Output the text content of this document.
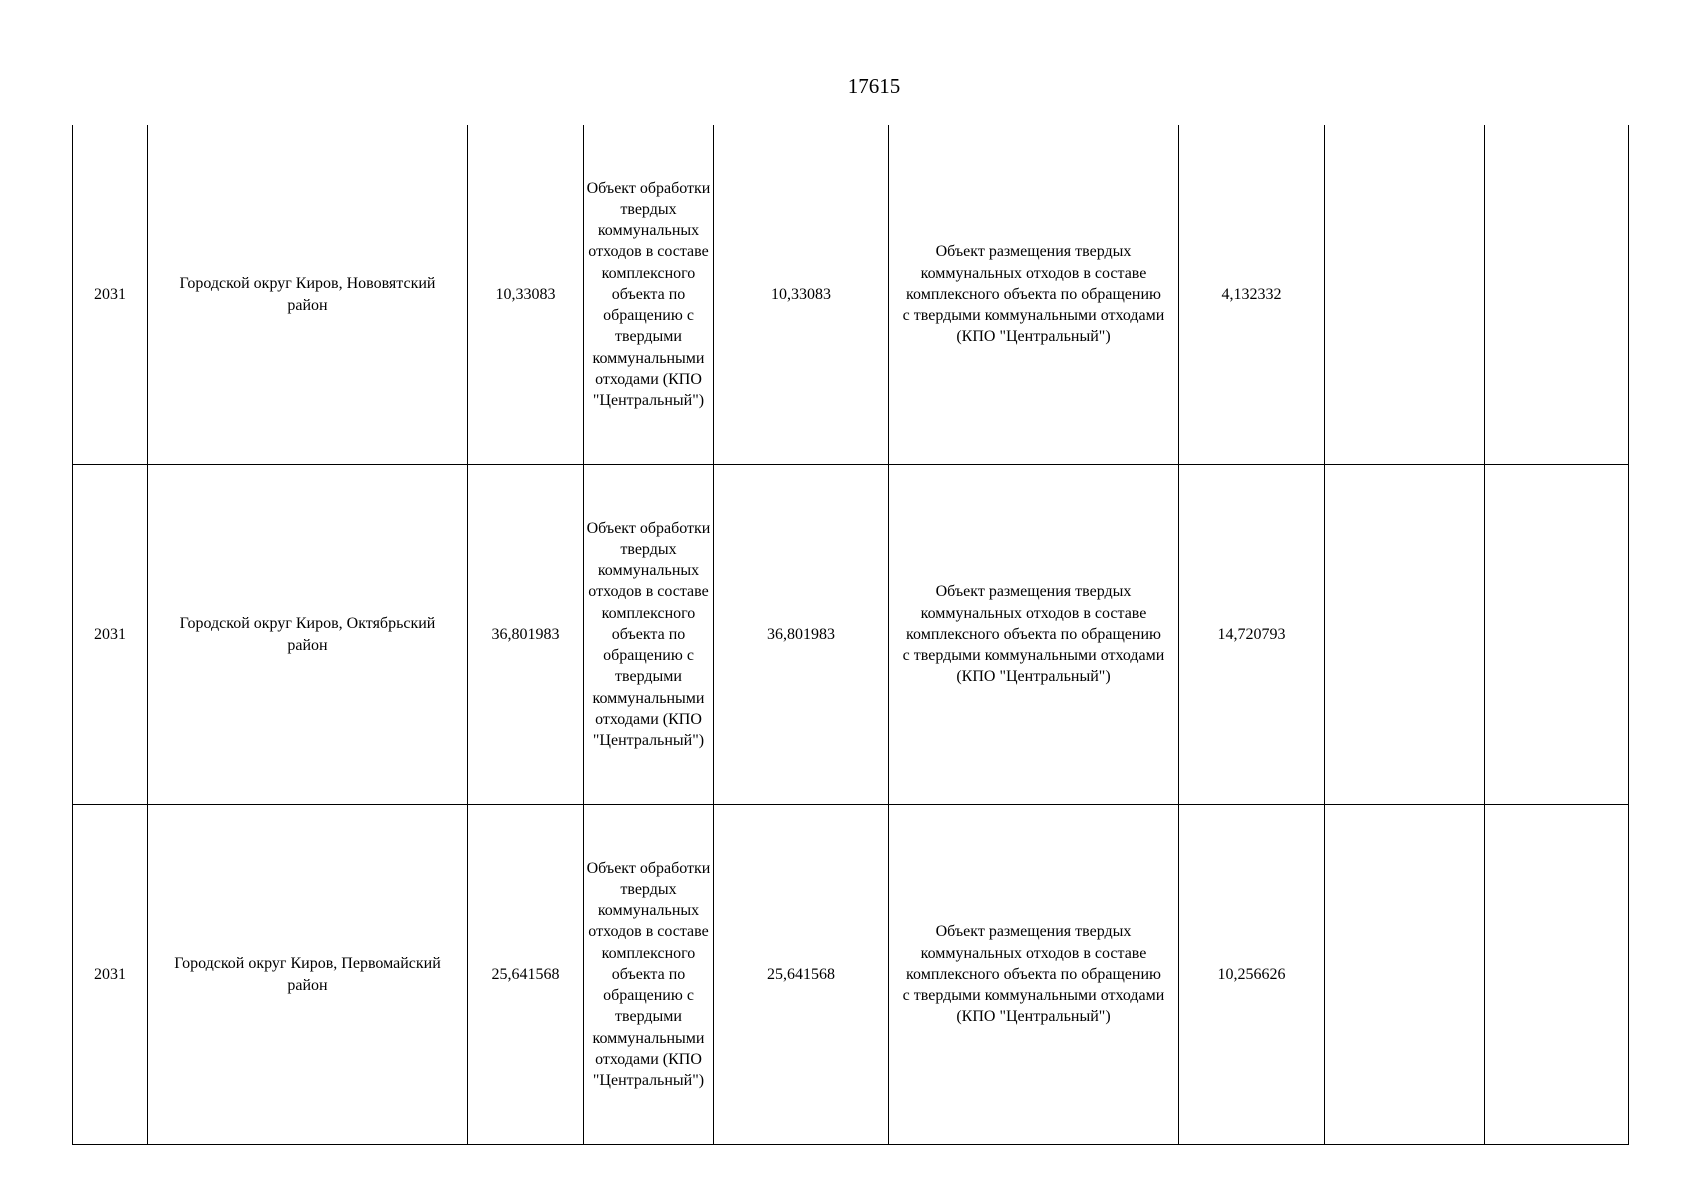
17615
2031	Городской округ Киров, Нововятский район	10,33083	Объект обработки твердых коммунальных отходов в составе комплексного объекта по обращению с твердыми коммунальными отходами (КПО "Центральный")	10,33083	Объект размещения твердых коммунальных отходов в составе комплексного объекта по обращению с твердыми коммунальными отходами (КПО "Центральный")	4,132332		
2031	Городской округ Киров, Октябрьский район	36,801983	Объект обработки твердых коммунальных отходов в составе комплексного объекта по обращению с твердыми коммунальными отходами (КПО "Центральный")	36,801983	Объект размещения твердых коммунальных отходов в составе комплексного объекта по обращению с твердыми коммунальными отходами (КПО "Центральный")	14,720793		
2031	Городской округ Киров, Первомайский район	25,641568	Объект обработки твердых коммунальных отходов в составе комплексного объекта по обращению с твердыми коммунальными отходами (КПО "Центральный")	25,641568	Объект размещения твердых коммунальных отходов в составе комплексного объекта по обращению с твердыми коммунальными отходами (КПО "Центральный")	10,256626		
